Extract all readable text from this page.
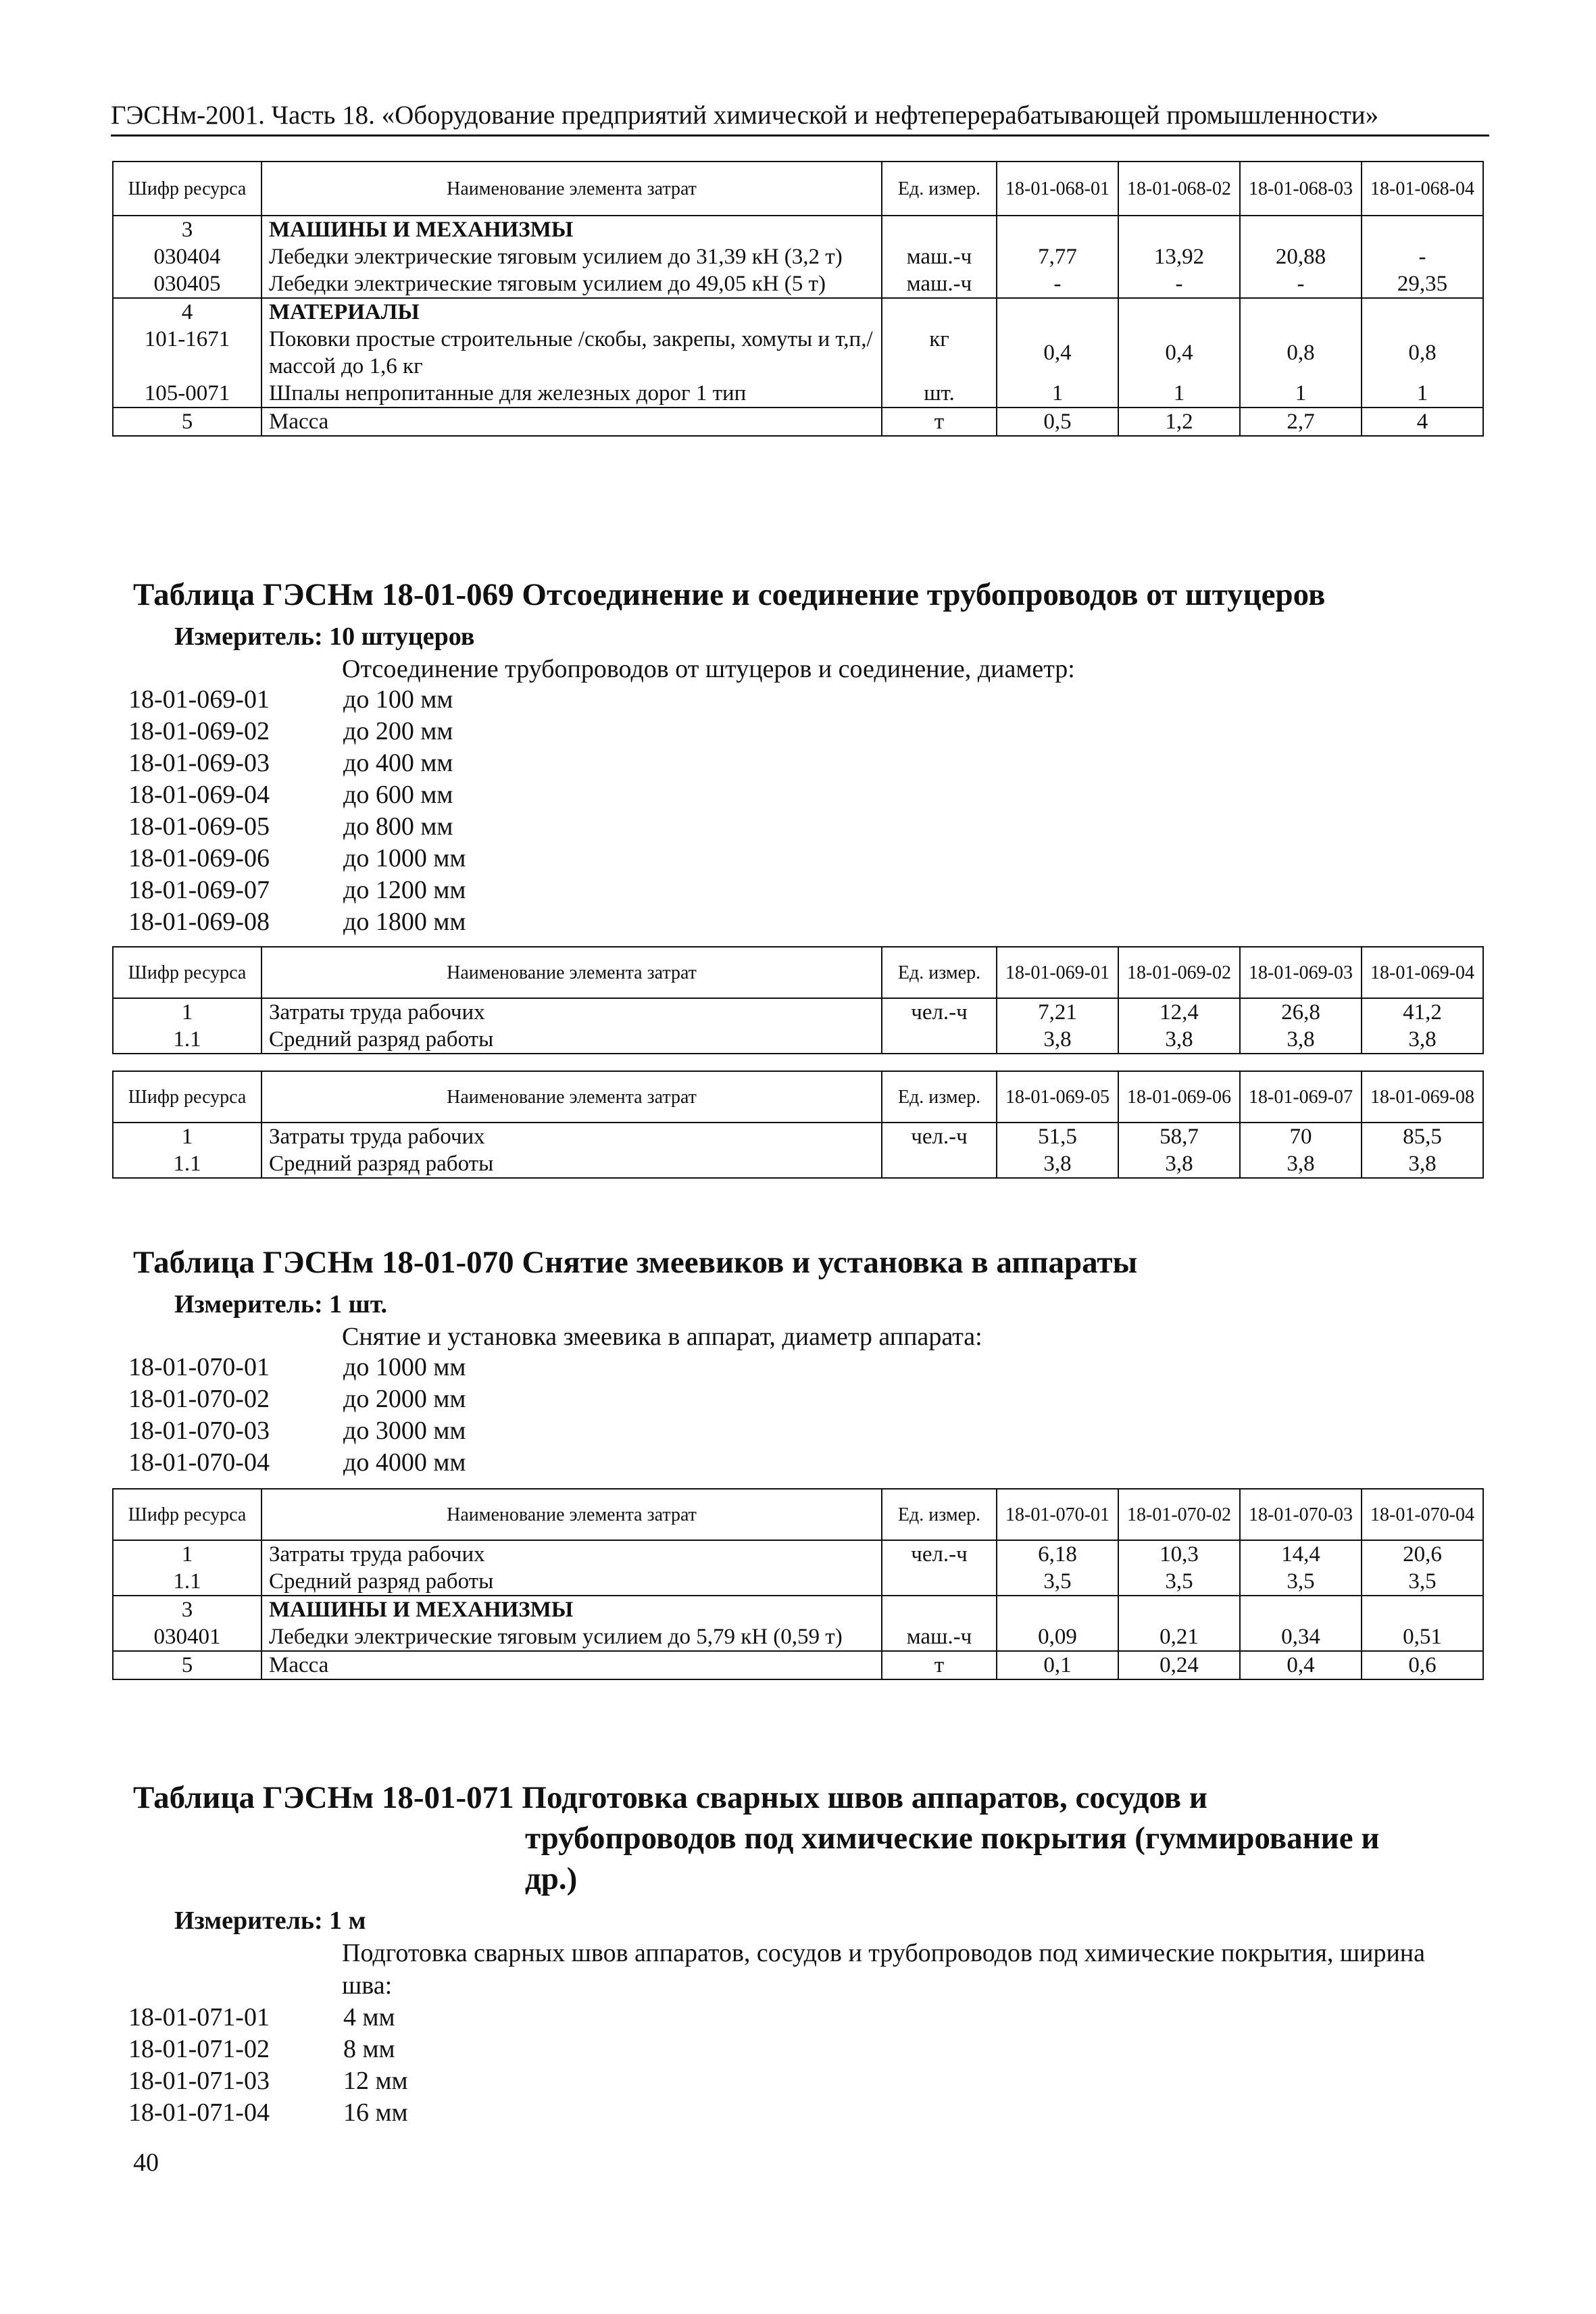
ГЭСНм-2001. Часть 18. «Оборудование предприятий химической и нефтеперерабатывающей промышленности»
Шифр ресурса	Наименование элемента затрат	Ед. измер.	18-01-068-01	18-01-068-02	18-01-068-03	18-01-068-04
3	МАШИНЫ И МЕХАНИЗМЫ					
030404	Лебедки электрические тяговым усилием до 31,39 кН (3,2 т)	маш.-ч	7,77	13,92	20,88	-
030405	Лебедки электрические тяговым усилием до 49,05 кН (5 т)	маш.-ч	-	-	-	29,35
4	МАТЕРИАЛЫ					
101-1671	Поковки простые строительные /скобы, закрепы, хомуты и т,п,/ массой до 1,6 кг	кг	0,4	0,4	0,8	0,8
105-0071	Шпалы непропитанные для железных дорог 1 тип	шт.	1	1	1	1
5	Масса	т	0,5	1,2	2,7	4
Таблица ГЭСНм 18-01-069 Отсоединение и соединение трубопроводов от штуцеров
Измеритель: 10 штуцеров
Отсоединение трубопроводов от штуцеров и соединение, диаметр:
18-01-069-01	до 100 мм
18-01-069-02	до 200 мм
18-01-069-03	до 400 мм
18-01-069-04	до 600 мм
18-01-069-05	до 800 мм
18-01-069-06	до 1000 мм
18-01-069-07	до 1200 мм
18-01-069-08	до 1800 мм
Шифр ресурса	Наименование элемента затрат	Ед. измер.	18-01-069-01	18-01-069-02	18-01-069-03	18-01-069-04
1	Затраты труда рабочих	чел.-ч	7,21	12,4	26,8	41,2
1.1	Средний разряд работы		3,8	3,8	3,8	3,8
Шифр ресурса	Наименование элемента затрат	Ед. измер.	18-01-069-05	18-01-069-06	18-01-069-07	18-01-069-08
1	Затраты труда рабочих	чел.-ч	51,5	58,7	70	85,5
1.1	Средний разряд работы		3,8	3,8	3,8	3,8
Таблица ГЭСНм 18-01-070 Снятие змеевиков и установка в аппараты
Измеритель: 1 шт.
Снятие и установка змеевика в аппарат, диаметр аппарата:
18-01-070-01	до 1000 мм
18-01-070-02	до 2000 мм
18-01-070-03	до 3000 мм
18-01-070-04	до 4000 мм
Шифр ресурса	Наименование элемента затрат	Ед. измер.	18-01-070-01	18-01-070-02	18-01-070-03	18-01-070-04
1	Затраты труда рабочих	чел.-ч	6,18	10,3	14,4	20,6
1.1	Средний разряд работы		3,5	3,5	3,5	3,5
3	МАШИНЫ И МЕХАНИЗМЫ					
030401	Лебедки электрические тяговым усилием до 5,79 кН (0,59 т)	маш.-ч	0,09	0,21	0,34	0,51
5	Масса	т	0,1	0,24	0,4	0,6
Таблица ГЭСНм 18-01-071 Подготовка сварных швов аппаратов, сосудов и
трубопроводов под химические покрытия (гуммирование и
др.)
Измеритель: 1 м
Подготовка сварных швов аппаратов, сосудов и трубопроводов под химические покрытия, ширина шва:
18-01-071-01	4 мм
18-01-071-02	8 мм
18-01-071-03	12 мм
18-01-071-04	16 мм
40
